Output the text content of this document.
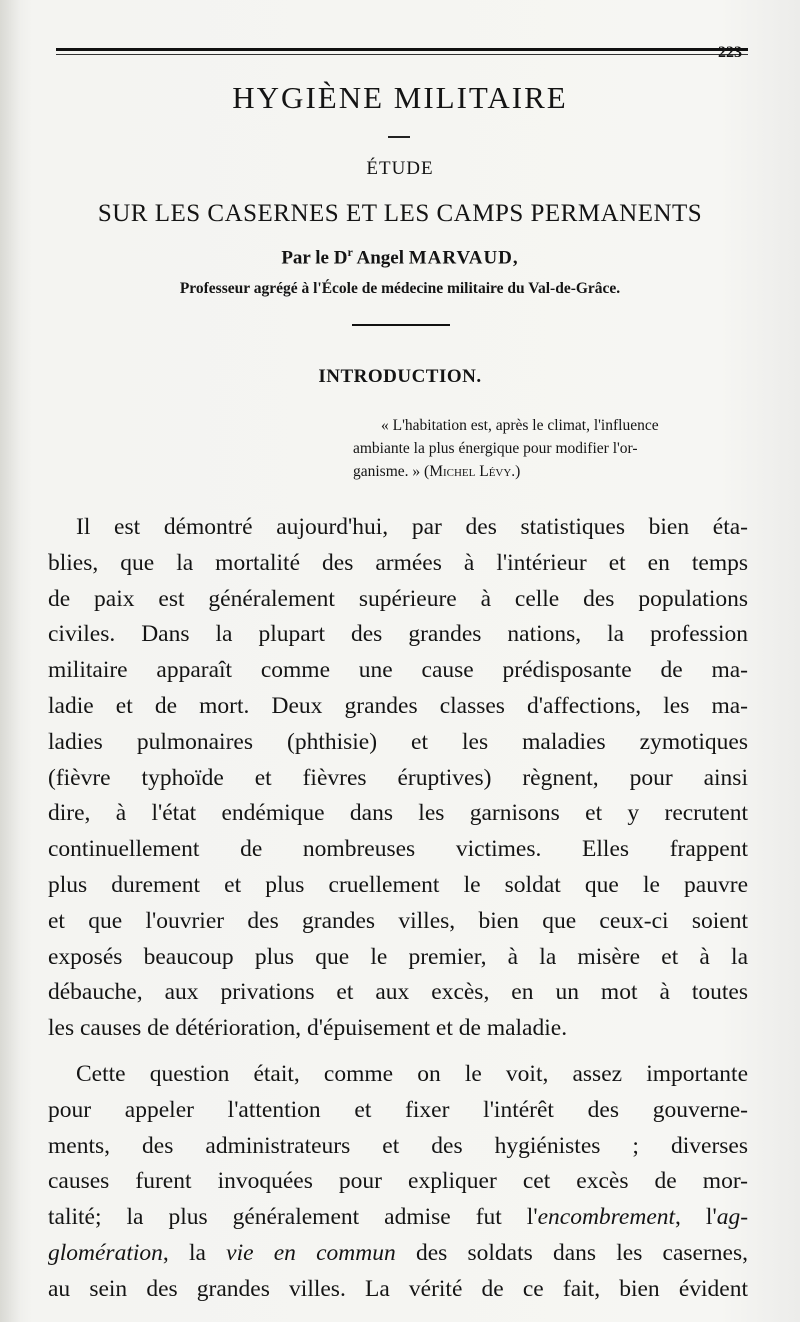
223
HYGIÈNE MILITAIRE
ÉTUDE
SUR LES CASERNES ET LES CAMPS PERMANENTS
Par le $D^r$ Angel MARVAUD,
Professeur agrégé à l'École de médecine militaire du Val-de-Grâce.
INTRODUCTION.
« L'habitation est, après le climat, l'influence
ambiante la plus énergique pour modifier l'or-
ganisme. » (Michel Lévy.)
Il est démontré aujourd'hui, par des statistiques bien éta-
blies, que la mortalité des armées à l'intérieur et en temps
de paix est généralement supérieure à celle des populations
civiles. Dans la plupart des grandes nations, la profession
militaire apparaît comme une cause prédisposante de ma-
ladie et de mort. Deux grandes classes d'affections, les ma-
ladies pulmonaires (phthisie) et les maladies zymotiques
(fièvre typhoïde et fièvres éruptives) règnent, pour ainsi
dire, à l'état endémique dans les garnisons et y recrutent
continuellement de nombreuses victimes. Elles frappent
plus durement et plus cruellement le soldat que le pauvre
et que l'ouvrier des grandes villes, bien que ceux-ci soient
exposés beaucoup plus que le premier, à la misère et à la
débauche, aux privations et aux excès, en un mot à toutes
les causes de détérioration, d'épuisement et de maladie.
Cette question était, comme on le voit, assez importante
pour appeler l'attention et fixer l'intérêt des gouverne-
ments, des administrateurs et des hygiénistes ; diverses
causes furent invoquées pour expliquer cet excès de mor-
talité; la plus généralement admise fut l'encombrement, l'ag-
glomération, la vie en commun des soldats dans les casernes,
au sein des grandes villes. La vérité de ce fait, bien évident
